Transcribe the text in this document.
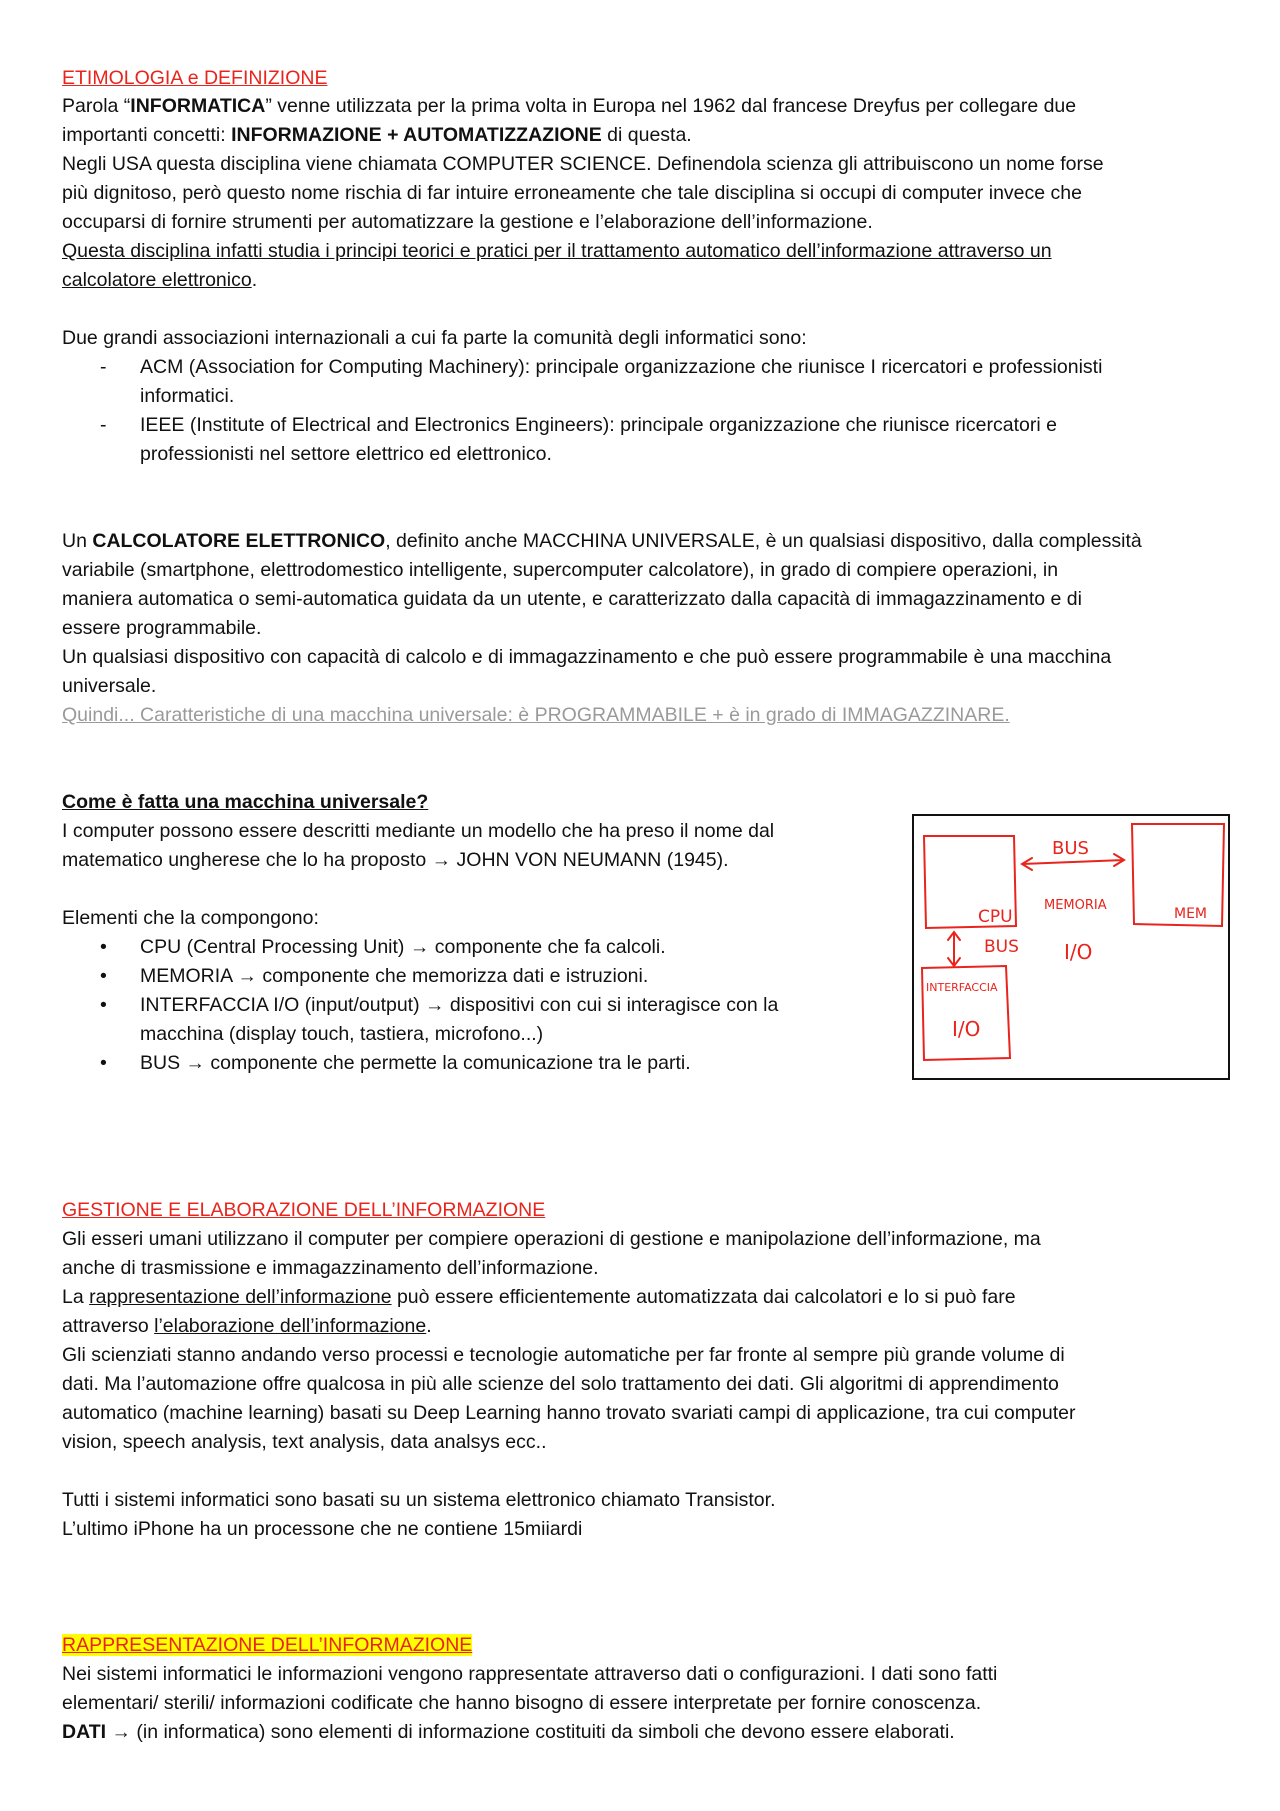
ETIMOLOGIA e DEFINIZIONE

Parola “INFORMATICA” venne utilizzata per la prima volta in Europa nel 1962 dal francese Dreyfus per collegare due

importanti concetti: INFORMAZIONE + AUTOMATIZZAZIONE di questa.

Negli USA questa disciplina viene chiamata COMPUTER SCIENCE. Definendola scienza gli attribuiscono un nome forse

più dignitoso, però questo nome rischia di far intuire erroneamente che tale disciplina si occupi di computer invece che

occuparsi di fornire strumenti per automatizzare la gestione e l’elaborazione dell’informazione.

Questa disciplina infatti studia i principi teorici e pratici per il trattamento automatico dell’informazione attraverso un

calcolatore elettronico.

Due grandi associazioni internazionali a cui fa parte la comunità degli informatici sono:

- ACM (Association for Computing Machinery): principale organizzazione che riunisce I ricercatori e professionisti

informatici.

- IEEE (Institute of Electrical and Electronics Engineers): principale organizzazione che riunisce ricercatori e

professionisti nel settore elettrico ed elettronico.

Un CALCOLATORE ELETTRONICO, definito anche MACCHINA UNIVERSALE, è un qualsiasi dispositivo, dalla complessità

variabile (smartphone, elettrodomestico intelligente, supercomputer calcolatore), in grado di compiere operazioni, in

maniera automatica o semi-automatica guidata da un utente, e caratterizzato dalla capacità di immagazzinamento e di

essere programmabile.

Un qualsiasi dispositivo con capacità di calcolo e di immagazzinamento e che può essere programmabile è una macchina

universale.

Quindi... Caratteristiche di una macchina universale: è PROGRAMMABILE + è in grado di IMMAGAZZINARE.

Come è fatta una macchina universale?

I computer possono essere descritti mediante un modello che ha preso il nome dal

matematico ungherese che lo ha proposto → JOHN VON NEUMANN (1945).

Elementi che la compongono:

• CPU (Central Processing Unit) → componente che fa calcoli.

• MEMORIA → componente che memorizza dati e istruzioni.

• INTERFACCIA I/O (input/output) → dispositivi con cui si interagisce con la

macchina (display touch, tastiera, microfono...)

• BUS → componente che permette la comunicazione tra le parti.

BUS
MEMORIA
MEM
CPU
BUS I/O
INTERFACCIA
I/O

GESTIONE E ELABORAZIONE DELL’INFORMAZIONE

Gli esseri umani utilizzano il computer per compiere operazioni di gestione e manipolazione dell’informazione, ma

anche di trasmissione e immagazzinamento dell’informazione.

La rappresentazione dell’informazione può essere efficientemente automatizzata dai calcolatori e lo si può fare

attraverso l’elaborazione dell’informazione.

Gli scienziati stanno andando verso processi e tecnologie automatiche per far fronte al sempre più grande volume di

dati. Ma l’automazione offre qualcosa in più alle scienze del solo trattamento dei dati. Gli algoritmi di apprendimento

automatico (machine learning) basati su Deep Learning hanno trovato svariati campi di applicazione, tra cui computer

vision, speech analysis, text analysis, data analsys ecc..

Tutti i sistemi informatici sono basati su un sistema elettronico chiamato Transistor.

L’ultimo iPhone ha un processone che ne contiene 15miiardi

RAPPRESENTAZIONE DELL’INFORMAZIONE

Nei sistemi informatici le informazioni vengono rappresentate attraverso dati o configurazioni. I dati sono fatti

elementari/ sterili/ informazioni codificate che hanno bisogno di essere interpretate per fornire conoscenza.

DATI → (in informatica) sono elementi di informazione costituiti da simboli che devono essere elaborati.
